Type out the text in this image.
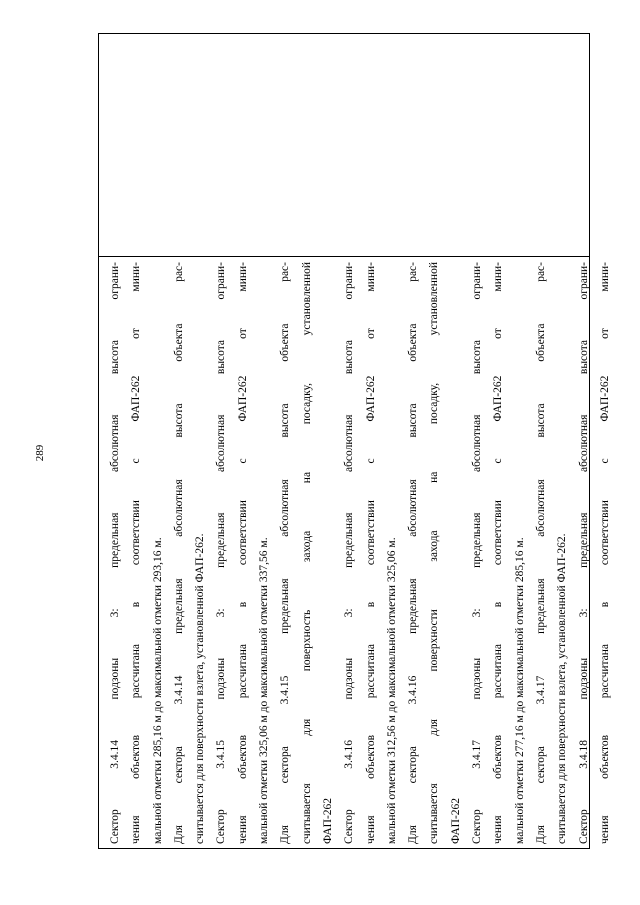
289	Сектор 3.4.14 подзоны 3: предельная абсолютная высота ограни- чения объектов рассчитана в соответствии с ФАП-262 от мини- мальной отметки 285,16 м до максимальной отметки 293,16 м. Для сектора 3.4.14 предельная абсолютная высота объекта рас- считывается для поверхности взлета, установленной ФАП-262. Сектор 3.4.15 подзоны 3: предельная абсолютная высота ограни- чения объектов рассчитана в соответствии с ФАП-262 от мини- мальной отметки 325,06 м до максимальной отметки 337,56 м. Для сектора 3.4.15 предельная абсолютная высота объекта рас- считывается для поверхность захода на посадку, установленной ФАП-262 Сектор 3.4.16 подзоны 3: предельная абсолютная высота ограни- чения объектов рассчитана в соответствии с ФАП-262 от мини- мальной отметки 312,56 м до максимальной отметки 325,06 м. Для сектора 3.4.16 предельная абсолютная высота объекта рас- считывается для поверхности захода на посадку, установленной ФАП-262 Сектор 3.4.17 подзоны 3: предельная абсолютная высота ограни- чения объектов рассчитана в соответствии с ФАП-262 от мини- мальной отметки 277,16 м до максимальной отметки 285,16 м. Для сектора 3.4.17 предельная абсолютная высота объекта рас- считывается для поверхности взлета, установленной ФАП-262. Сектор 3.4.18 подзоны 3: предельная абсолютная высота ограни- чения объектов рассчитана в соответствии с ФАП-262 от мини-
